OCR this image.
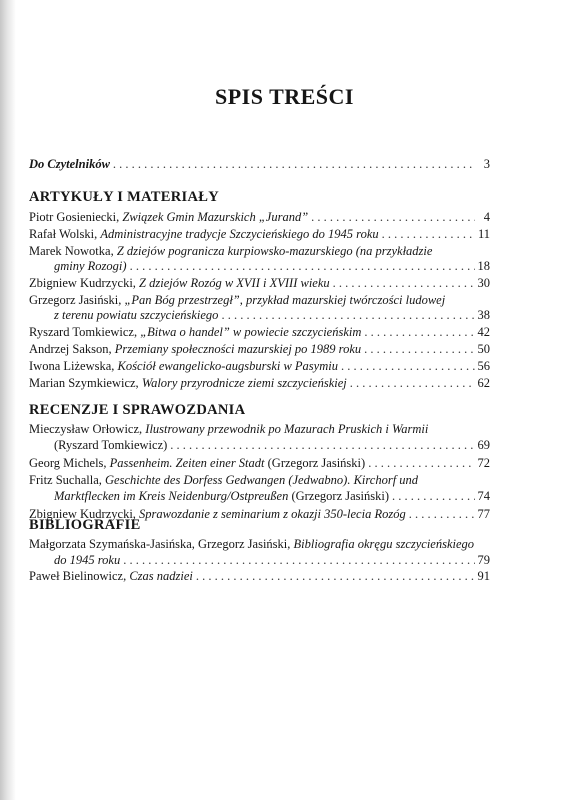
SPIS TREŚCI
Do Czytelników . . .	3
ARTYKUŁY I MATERIAŁY
Piotr Gosieniecki, Związek Gmin Mazurskich „Jurand” . . .	4
Rafał Wolski, Administracyjne tradycje Szczycieńskiego do 1945 roku . . .	11
Marek Nowotka, Z dziejów pogranicza kurpiowsko-mazurskiego (na przykładzie
gminy Rozogi) . . .	18
Zbigniew Kudrzycki, Z dziejów Rozóg w XVII i XVIII wieku . . .	30
Grzegorz Jasiński, „Pan Bóg przestrzegł”, przykład mazurskiej twórczości ludowej
z terenu powiatu szczycieńskiego . . .	38
Ryszard Tomkiewicz, „Bitwa o handel” w powiecie szczycieńskim . . .	42
Andrzej Sakson, Przemiany społeczności mazurskiej po 1989 roku . . .	50
Iwona Liżewska, Kościół ewangelicko-augsburski w Pasymiu . . .	56
Marian Szymkiewicz, Walory przyrodnicze ziemi szczycieńskiej . . .	62
RECENZJE I SPRAWOZDANIA
Mieczysław Orłowicz, Ilustrowany przewodnik po Mazurach Pruskich i Warmii
(Ryszard Tomkiewicz) . . .	69
Georg Michels, Passenheim. Zeiten einer Stadt (Grzegorz Jasiński) . . .	72
Fritz Suchalla, Geschichte des Dorfess Gedwangen (Jedwabno). Kirchorf und
Marktflecken im Kreis Neidenburg/Ostpreußen (Grzegorz Jasiński) . . .	74
Zbigniew Kudrzycki, Sprawozdanie z seminarium z okazji 350-lecia Rozóg . . .	77
BIBLIOGRAFIE
Małgorzata Szymańska-Jasińska, Grzegorz Jasiński, Bibliografia okręgu szczycieńskiego
do 1945 roku . . .	79
Paweł Bielinowicz, Czas nadziei . . .	91
